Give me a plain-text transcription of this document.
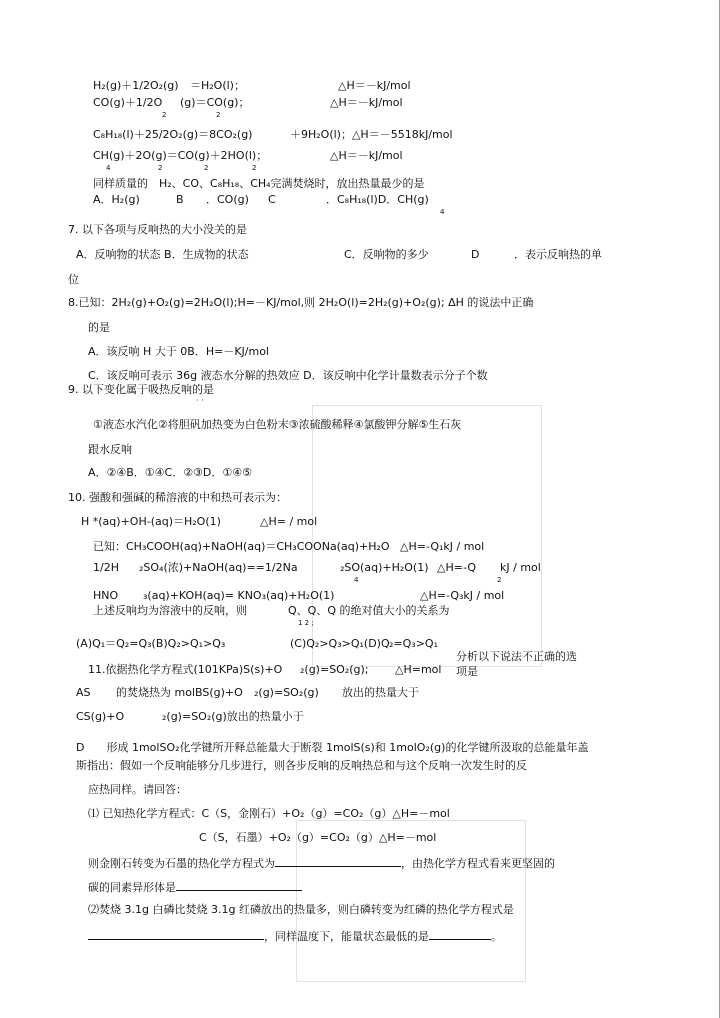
H₂(g)＋1/2O₂(g) ＝H₂O(l)；	△H＝－kJ/mol
CO(g)＋1/2O (g)＝CO(g)；	△H＝－kJ/mol
2	2
C₈H₁₈(l)＋25/2O₂(g)＝8CO₂(g)	＋9H₂O(l)；△H＝－5518kJ/mol
CH(g)＋2O(g)＝CO(g)＋2HO(l)；	△H＝－kJ/mol
4	2	2	2
同样质量的　H₂、CO、C₈H₁₈、CH₄完满焚烧时，放出热量最少的是
A．H₂(g)	B ．CO(g) C	．C₈H₁₈(l)D．CH(g)
4
7. 以下各项与反响热的大小没关的是
A．反响物的状态 B．生成物的状态	C．反响物的多少	D	．表示反响热的单
位
8.已知：2H₂(g)+O₂(g)=2H₂O(l);H=－KJ/mol,则 2H₂O(l)=2H₂(g)+O₂(g); ΔH 的说法中正确
的是
A．该反响 H 大于 0B．H=－KJ/mol
C．该反响可表示 36g 液态水分解的热效应 D．该反响中化学计量数表示分子个数
9. 以下变化属于吸热反响的是
· ·
①液态水汽化②将胆矾加热变为白色粉末③浓硫酸稀释④氯酸钾分解⑤生石灰
跟水反响
A．②④B．①④C．②③D．①④⑤
10. 强酸和强碱的稀溶液的中和热可表示为：
H *(aq)+OH-(aq)＝H₂O(1)	△H= / mol
已知：CH₃COOH(aq)+NaOH(aq)＝CH₃COONa(aq)+H₂O △H=-Q₁kJ / mol
1/2H ₂SO₄(浓)+NaOH(aq)==1/2Na	₂SO(aq)+H₂O(1) △H=-Q kJ / mol
4	2
HNO ₃(aq)+KOH(aq)= KNO₃(aq)+H₂O(1)	△H=-Q₃kJ / mol
上述反响均为溶液中的反响，则	Q、Q、Q 的绝对值大小的关系为
1 2 ;
(A)Q₁＝Q₂=Q₃(B)Q₂>Q₁>Q₃	(C)Q₂>Q₃>Q₁(D)Q ₂=Q₃>Q₁
11.依据热化学方程式(101KPa)S(s)+O ₂(g)=SO₂(g); △H=mol
分析以下说法不正确的选
项是
AS 的焚烧热为 molBS(g)+O ₂(g)=SO₂(g) 放出的热量大于
CS(g)+O	₂(g)=SO₂(g)放出的热量小于
D　　形成 1molSO₂化学键所开释总能量大于断裂 1molS(s)和 1molO₂(g)的化学键所汲取的总能量年盖
斯指出：假如一个反响能够分几步进行，则各步反响的反响热总和与这个反响一次发生时的反
应热同样。请回答：
⑴ 已知热化学方程式：C（S，金刚石）+O₂（g）=CO₂（g）△H=－mol
C（S，石墨）+O₂（g）=CO₂（g）△H=－mol
则金刚石转变为石墨的热化学方程式为	，由热化学方程式看来更坚固的
碳的同素异形体是
⑵焚烧 3.1g 白磷比焚烧 3.1g 红磷放出的热量多，则白磷转变为红磷的热化学方程式是
，同样温度下，能量状态最低的是	。
